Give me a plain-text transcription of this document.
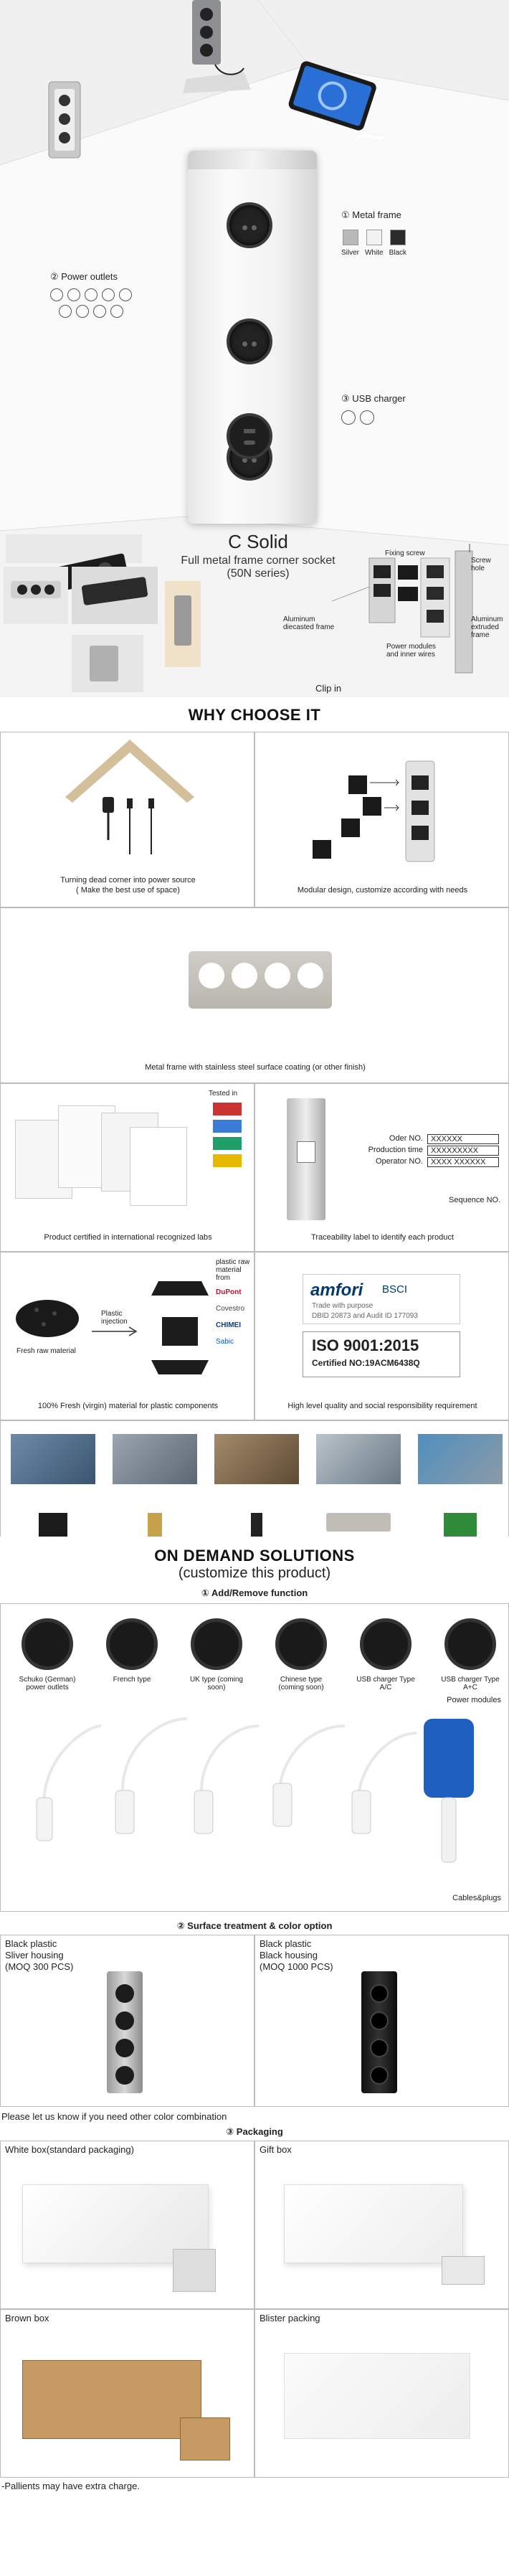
① Metal frame
Silver White Black
② Power outlets
③ USB charger
C Solid
Full metal frame corner socket
(50N series)
Fixing screw
Screw hole
Aluminum diecasted frame
Power modules and inner wires
Aluminum extruded frame
Clip in
WHY CHOOSE IT
Turning dead corner into power source
( Make the best use of space)	Modular design, customize according with needs
Metal frame with stainless steel surface coating (or other finish)
Tested in
Product certified in international recognized labs
Oder NO.	XXXXXX
Production time	XXXXXXXXX
Operator NO.	XXXX XXXXXX
Sequence NO.
Traceability label to identify each product
Fresh raw material
Plastic injection
plastic raw material from
DuPont
Covestro
CHIMEI
Sabic
100% Fresh (virgin) material for plastic components
amfori BSCI
Trade with purpose
DBID 20873 and Audit ID 177093
ISO 9001:2015
Certified NO:19ACM6438Q
High level quality and social responsibility requirement
ON DEMAND SOLUTIONS
(customize this product)
① Add/Remove function
Schuko (German) power outlets
French type	UK type (coming soon)
Chinese type (coming soon)
USB charger Type A/C
USB charger Type A+C
Power modules
Cables&plugs
② Surface treatment & color option
Black plastic
Sliver housing
(MOQ 300 PCS)
Black plastic
Black housing
(MOQ 1000 PCS)
Please let us know if you need other color combination
③ Packaging
White box(standard packaging)	Gift box
Brown box	Blister packing
-Pallients may have extra charge.
